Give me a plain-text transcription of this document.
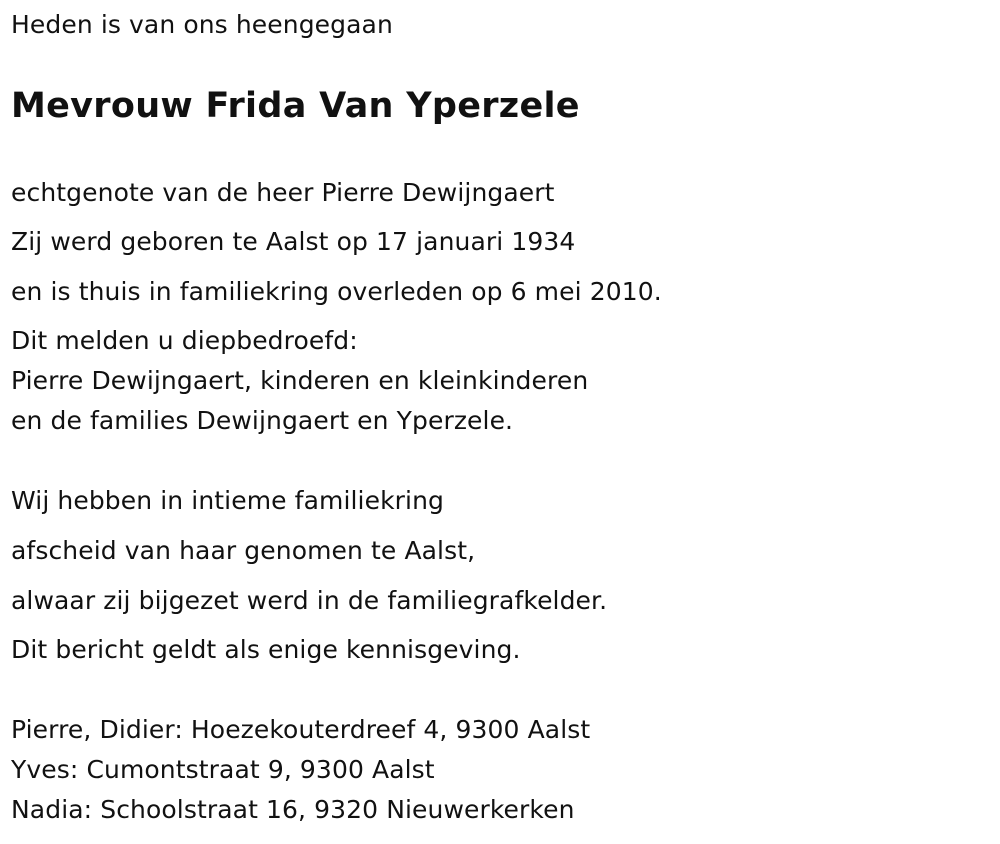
Heden is van ons heengegaan
Mevrouw Frida Van Yperzele
echtgenote van de heer Pierre Dewijngaert
Zij werd geboren te Aalst op 17 januari 1934
en is thuis in familiekring overleden op 6 mei 2010.
Dit melden u diepbedroefd:
Pierre Dewijngaert, kinderen en kleinkinderen
en de families Dewijngaert en Yperzele.
Wij hebben in intieme familiekring
afscheid van haar genomen te Aalst,
alwaar zij bijgezet werd in de familiegrafkelder.
Dit bericht geldt als enige kennisgeving.
Pierre, Didier: Hoezekouterdreef 4, 9300 Aalst
Yves: Cumontstraat 9, 9300 Aalst
Nadia: Schoolstraat 16, 9320 Nieuwerkerken
